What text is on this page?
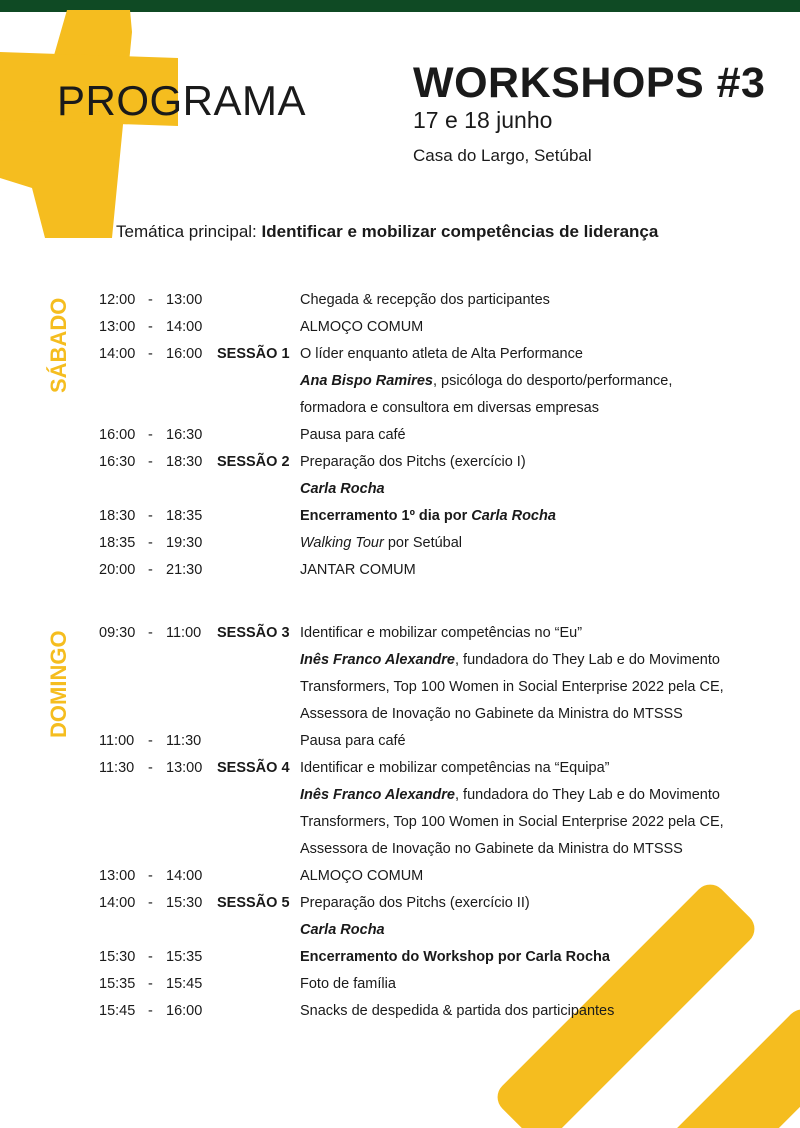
PROGRAMA WORKSHOPS #3
17 e 18 junho
Casa do Largo, Setúbal
Temática principal: Identificar e mobilizar competências de liderança
SÁBADO
DOMINGO
12:00 - 13:00	Chegada & recepção dos participantes
13:00 - 14:00	ALMOÇO COMUM
14:00 - 16:00 SESSÃO 1 O líder enquanto atleta de Alta Performance
Ana Bispo Ramires, psicóloga do desporto/performance,
formadora e consultora em diversas empresas
16:00 - 16:30	Pausa para café
16:30 - 18:30 SESSÃO 2 Preparação dos Pitchs (exercício I)
Carla Rocha
18:30 - 18:35	Encerramento 1º dia por Carla Rocha
18:35 - 19:30	Walking Tour por Setúbal
20:00 - 21:30	JANTAR COMUM
09:30 - 11:00 SESSÃO 3 Identificar e mobilizar competências no “Eu”
Inês Franco Alexandre, fundadora do They Lab e do Movimento
Transformers, Top 100 Women in Social Enterprise 2022 pela CE,
Assessora de Inovação no Gabinete da Ministra do MTSSS
11:00 - 11:30	Pausa para café
11:30 - 13:00 SESSÃO 4 Identificar e mobilizar competências na “Equipa”
Inês Franco Alexandre, fundadora do They Lab e do Movimento
Transformers, Top 100 Women in Social Enterprise 2022 pela CE,
Assessora de Inovação no Gabinete da Ministra do MTSSS
13:00 - 14:00	ALMOÇO COMUM
14:00 - 15:30 SESSÃO 5 Preparação dos Pitchs (exercício II)
Carla Rocha
15:30 - 15:35	Encerramento do Workshop por Carla Rocha
15:35 - 15:45	Foto de família
15:45 - 16:00	Snacks de despedida & partida dos participantes
